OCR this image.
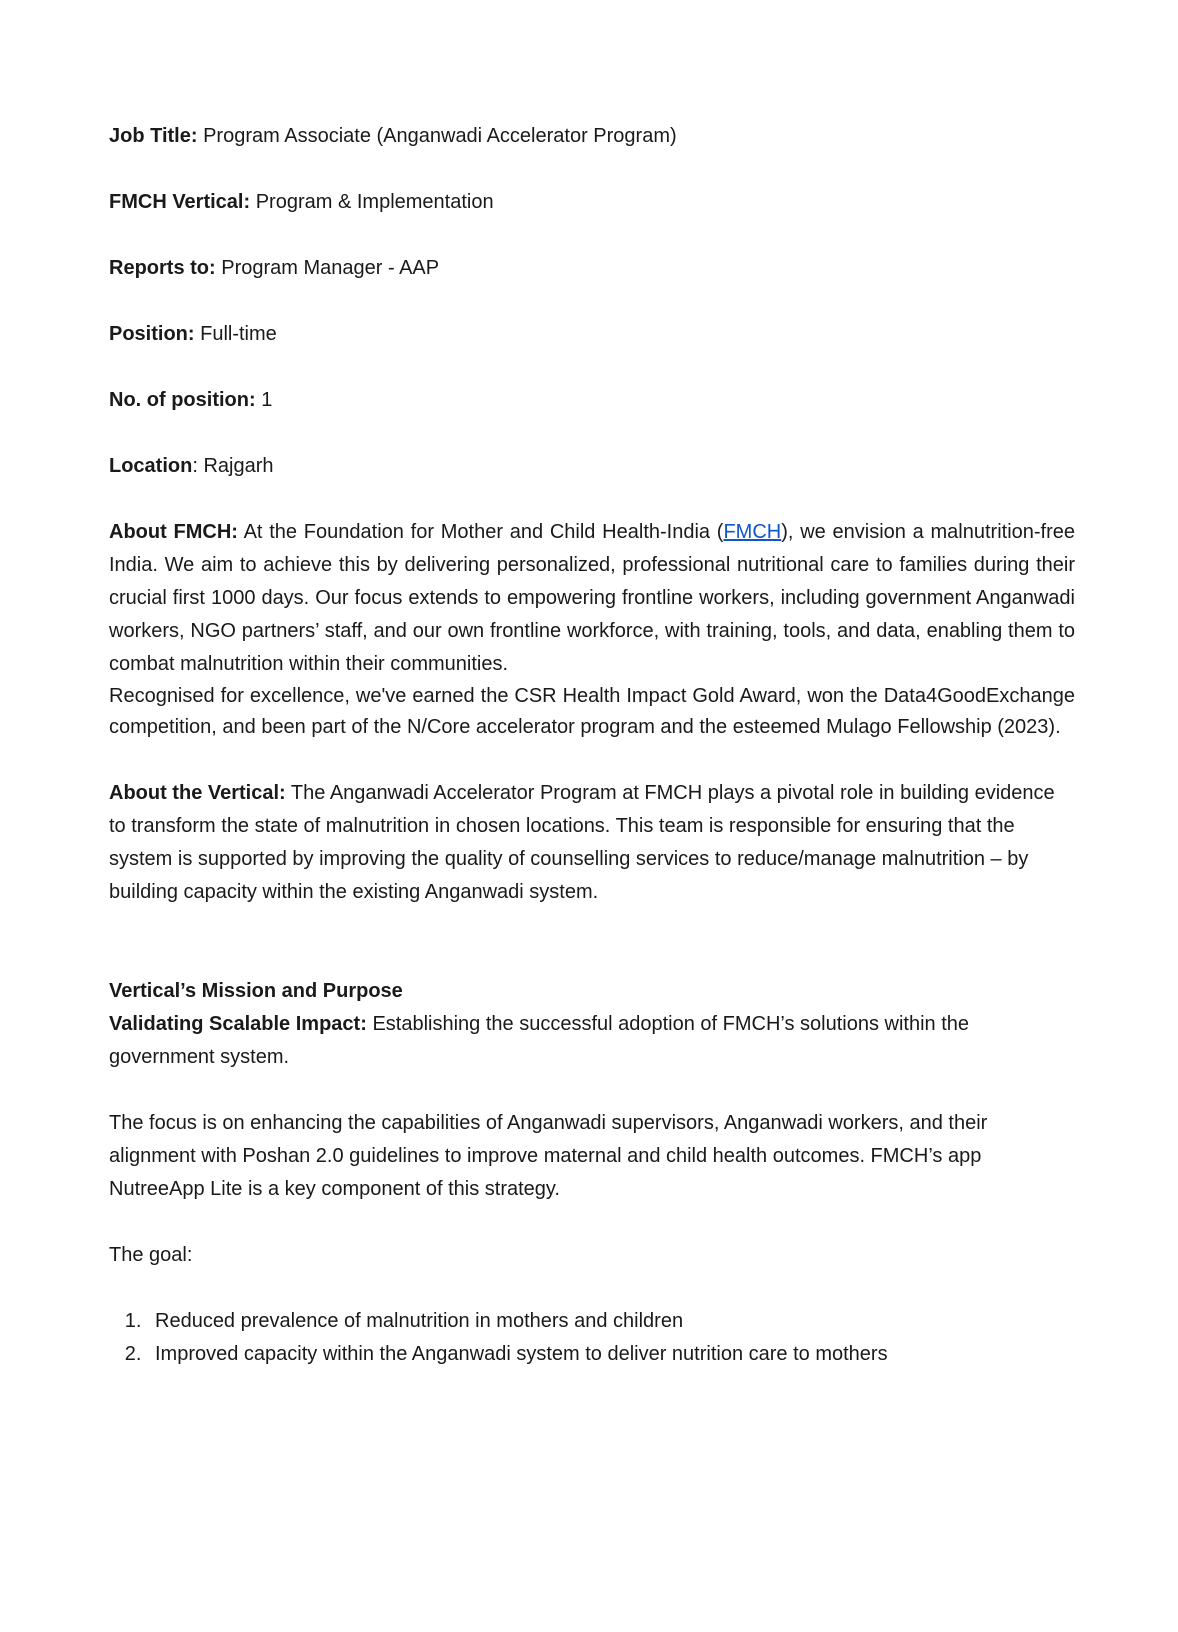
Job Title: Program Associate (Anganwadi Accelerator Program)

FMCH Vertical: Program & Implementation

Reports to: Program Manager - AAP

Position: Full-time

No. of position: 1

Location: Rajgarh

About FMCH: At the Foundation for Mother and Child Health-India (FMCH), we envision a malnutrition-free India. We aim to achieve this by delivering personalized, professional nutritional care to families during their crucial first 1000 days. Our focus extends to empowering frontline workers, including government Anganwadi workers, NGO partners’ staff, and our own frontline workforce, with training, tools, and data, enabling them to combat malnutrition within their communities.

Recognised for excellence, we've earned the CSR Health Impact Gold Award, won the Data4GoodExchange competition, and been part of the N/Core accelerator program and the esteemed Mulago Fellowship (2023).

About the Vertical: The Anganwadi Accelerator Program at FMCH plays a pivotal role in building evidence to transform the state of malnutrition in chosen locations. This team is responsible for ensuring that the system is supported by improving the quality of counselling services to reduce/manage malnutrition – by building capacity within the existing Anganwadi system.

Vertical’s Mission and Purpose

Validating Scalable Impact: Establishing the successful adoption of FMCH’s solutions within the government system.

The focus is on enhancing the capabilities of Anganwadi supervisors, Anganwadi workers, and their alignment with Poshan 2.0 guidelines to improve maternal and child health outcomes. FMCH’s app NutreeApp Lite is a key component of this strategy.

The goal:

1. Reduced prevalence of malnutrition in mothers and children
2. Improved capacity within the Anganwadi system to deliver nutrition care to mothers
